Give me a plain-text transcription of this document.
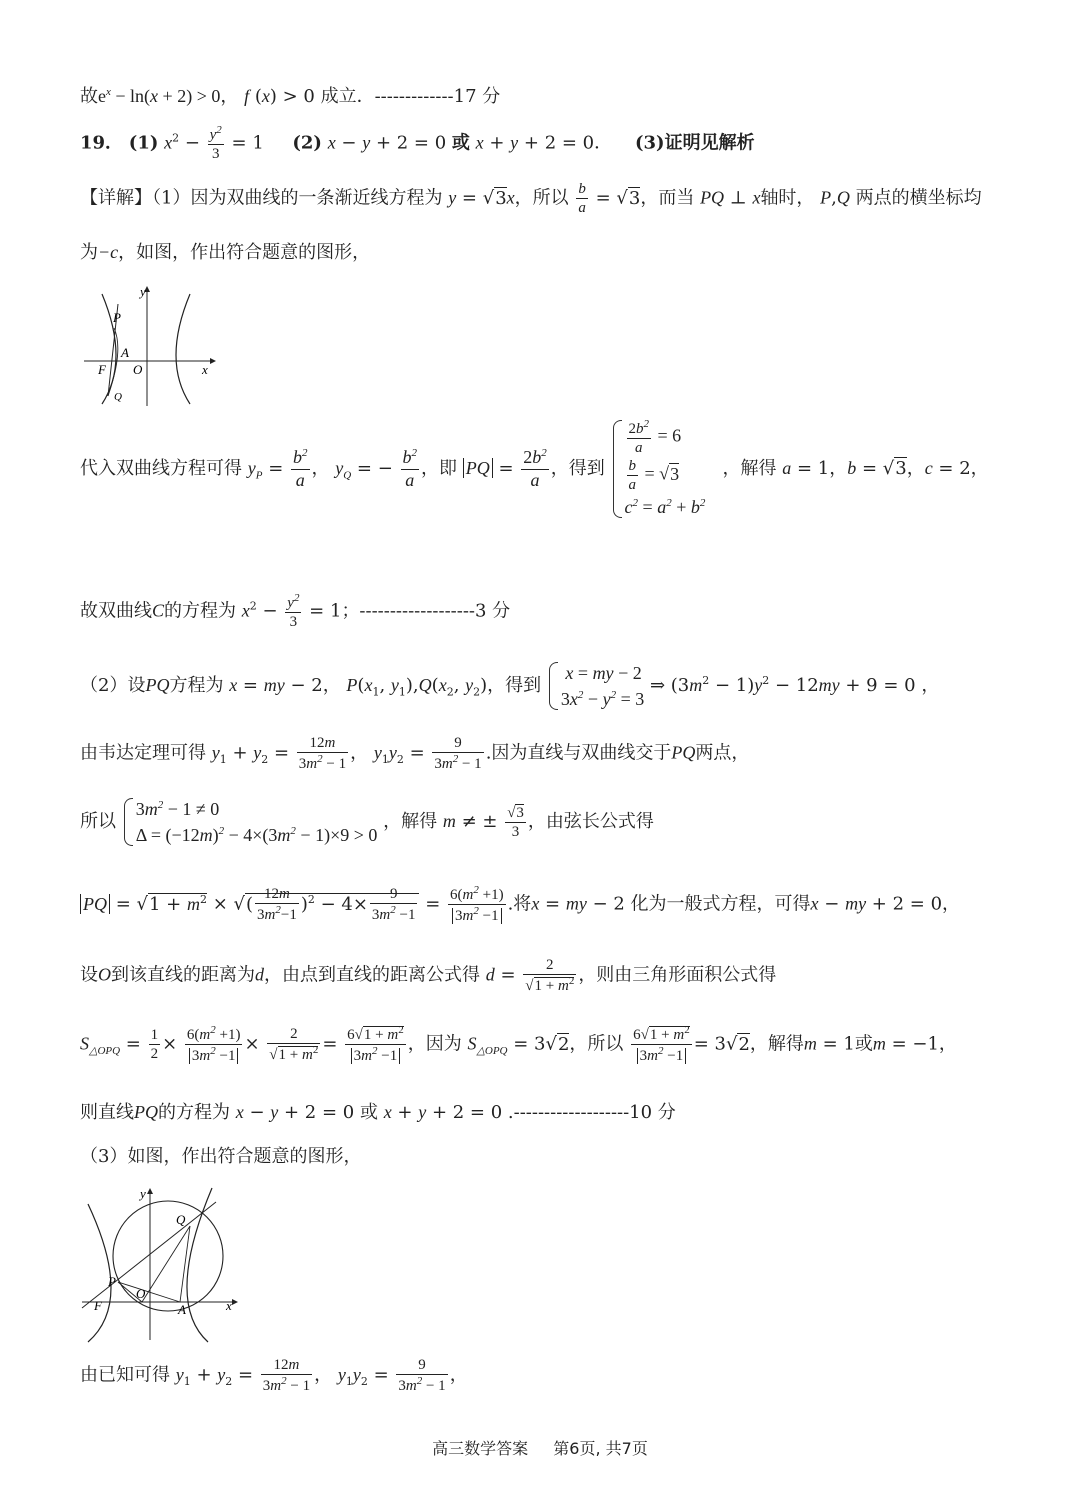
故$e^x - \ln(x + 2) > 0$， f (x) > 0 成立．-------------17 分
19． (1) $x^2 - \frac{y^2}{3} = 1$     (2) x − y + 2 = 0 或 x + y + 2 = 0．    (3)证明见解析
【详解】（1）因为双曲线的一条渐近线方程为 y = √3x，所以 $\frac{b}{a} = √3$，而当 PQ ⊥ x轴时， P,Q 两点的横坐标均
为−c，如图，作出符合题意的图形，
y
x
P
A
F O
Q
代入双曲线方程可得 $y_P = \frac{b^2}{a}$ ， $y_Q$ = − $\frac{b^2}{a}$ ，即 PQ = $\frac{2b^2}{a}$ ，得到
$\frac{2b^2}{a} = 6$
$\frac{b}{a} = √3$
$c^2 = a^2 + b^2$
，解得 a = 1，b = √3，c = 2，
故双曲线C的方程为 $x^2 - \frac{y^2}{3} = 1$；-------------------3 分
（2）设PQ方程为 x = my − 2， $P(x_1$, $y_1),Q(x_2$, $y_2$)，得到
x = my − 2
$3x^2 - y^2 = 3$
⇒ $(3m^2 - 1)y^2 - 12my + 9 = 0$ ，
由韦达定理可得 $y_1 + y_2 = \frac{12m}{3m^2 - 1}$ ， $y_1y_2 = \frac{9}{3m^2 - 1}$ .因为直线与双曲线交于PQ两点，
所以
$3m^2 - 1 \ne 0$
$\Delta = (-12m)^2 - 4\times(3m^2 - 1)\times 9 > 0$
，解得 m ≠ ± $\frac{√3}{3}$ ，由弦长公式得
PQ = $√1 + m^2$ × √( $\frac{12m}{3m^2-1} )^2 - 4\times \frac{9}{3m^2 -1} = \frac{6(m^2 +1)}{3m^2 -1}$ .将x = my − 2 化为一般式方程，可得x − my + 2 = 0，
设O到该直线的距离为d，由点到直线的距离公式得 $d = \frac{2}{√1 + m^2}$ ，则由三角形面积公式得
$S_{\triangle OPQ} = \frac{1}{2} \times \frac{6(m^2 +1)}{3m^2 -1} \times \frac{2}{√1 + m^2} = \frac{6√1 + m^2}{3m^2 -1}$ ，因为 $S_{\triangle OPQ} = 3√2$，所以 $\frac{6√1 + m^2}{3m^2 -1} = 3√2$，解得m = 1或m = −1，
则直线PQ的方程为 x − y + 2 = 0 或 x + y + 2 = 0 .-------------------10 分
（3）如图，作出符合题意的图形，
y
x
P
Q
F
O
A
由已知可得 $y_1 + y_2 = \frac{12m}{3m^2 - 1}$ ， $y_1y_2 = \frac{9}{3m^2 - 1}$ ，
高三数学答案 第6页, 共7页
